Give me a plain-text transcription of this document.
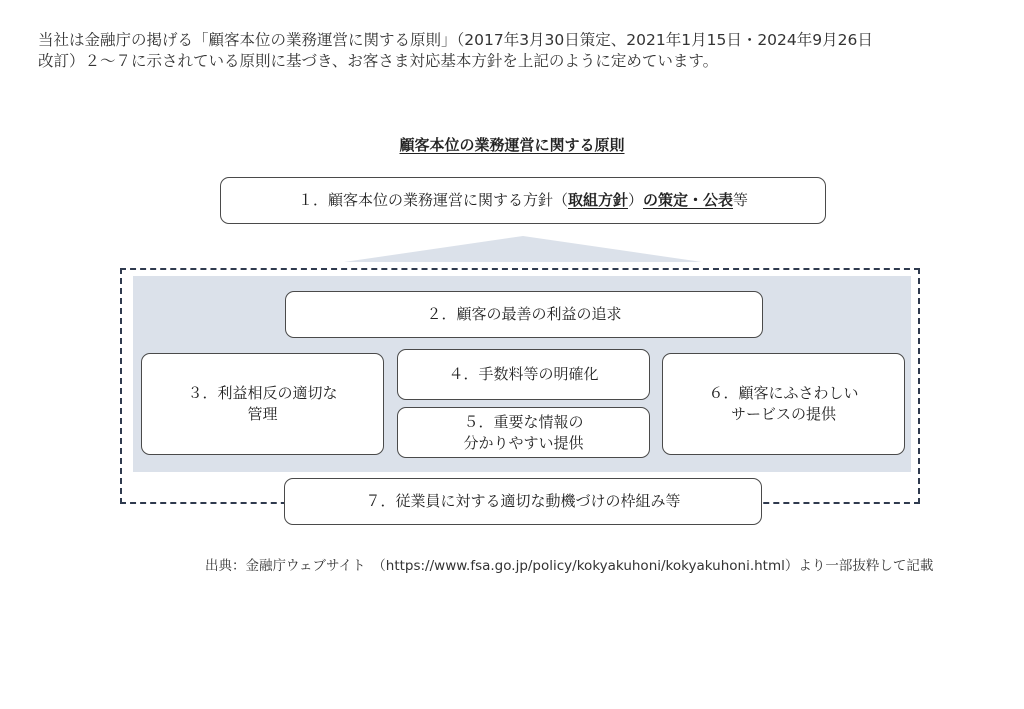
当社は金融庁の掲げる「顧客本位の業務運営に関する原則」（2017年3月30日策定、2021年1月15日・2024年9月26日
改訂）２〜７に示されている原則に基づき、お客さま対応基本方針を上記のように定めています。
顧客本位の業務運営に関する原則
１．顧客本位の業務運営に関する方針（取組方針）の策定・公表等
２．顧客の最善の利益の追求
３．利益相反の適切な
管理
４．手数料等の明確化
５．重要な情報の
分かりやすい提供
６．顧客にふさわしい
サービスの提供
７．従業員に対する適切な動機づけの枠組み等
出典：金融庁ウェブサイト　（https://www.fsa.go.jp/policy/kokyakuhoni/kokyakuhoni.html）より一部抜粋して記載
